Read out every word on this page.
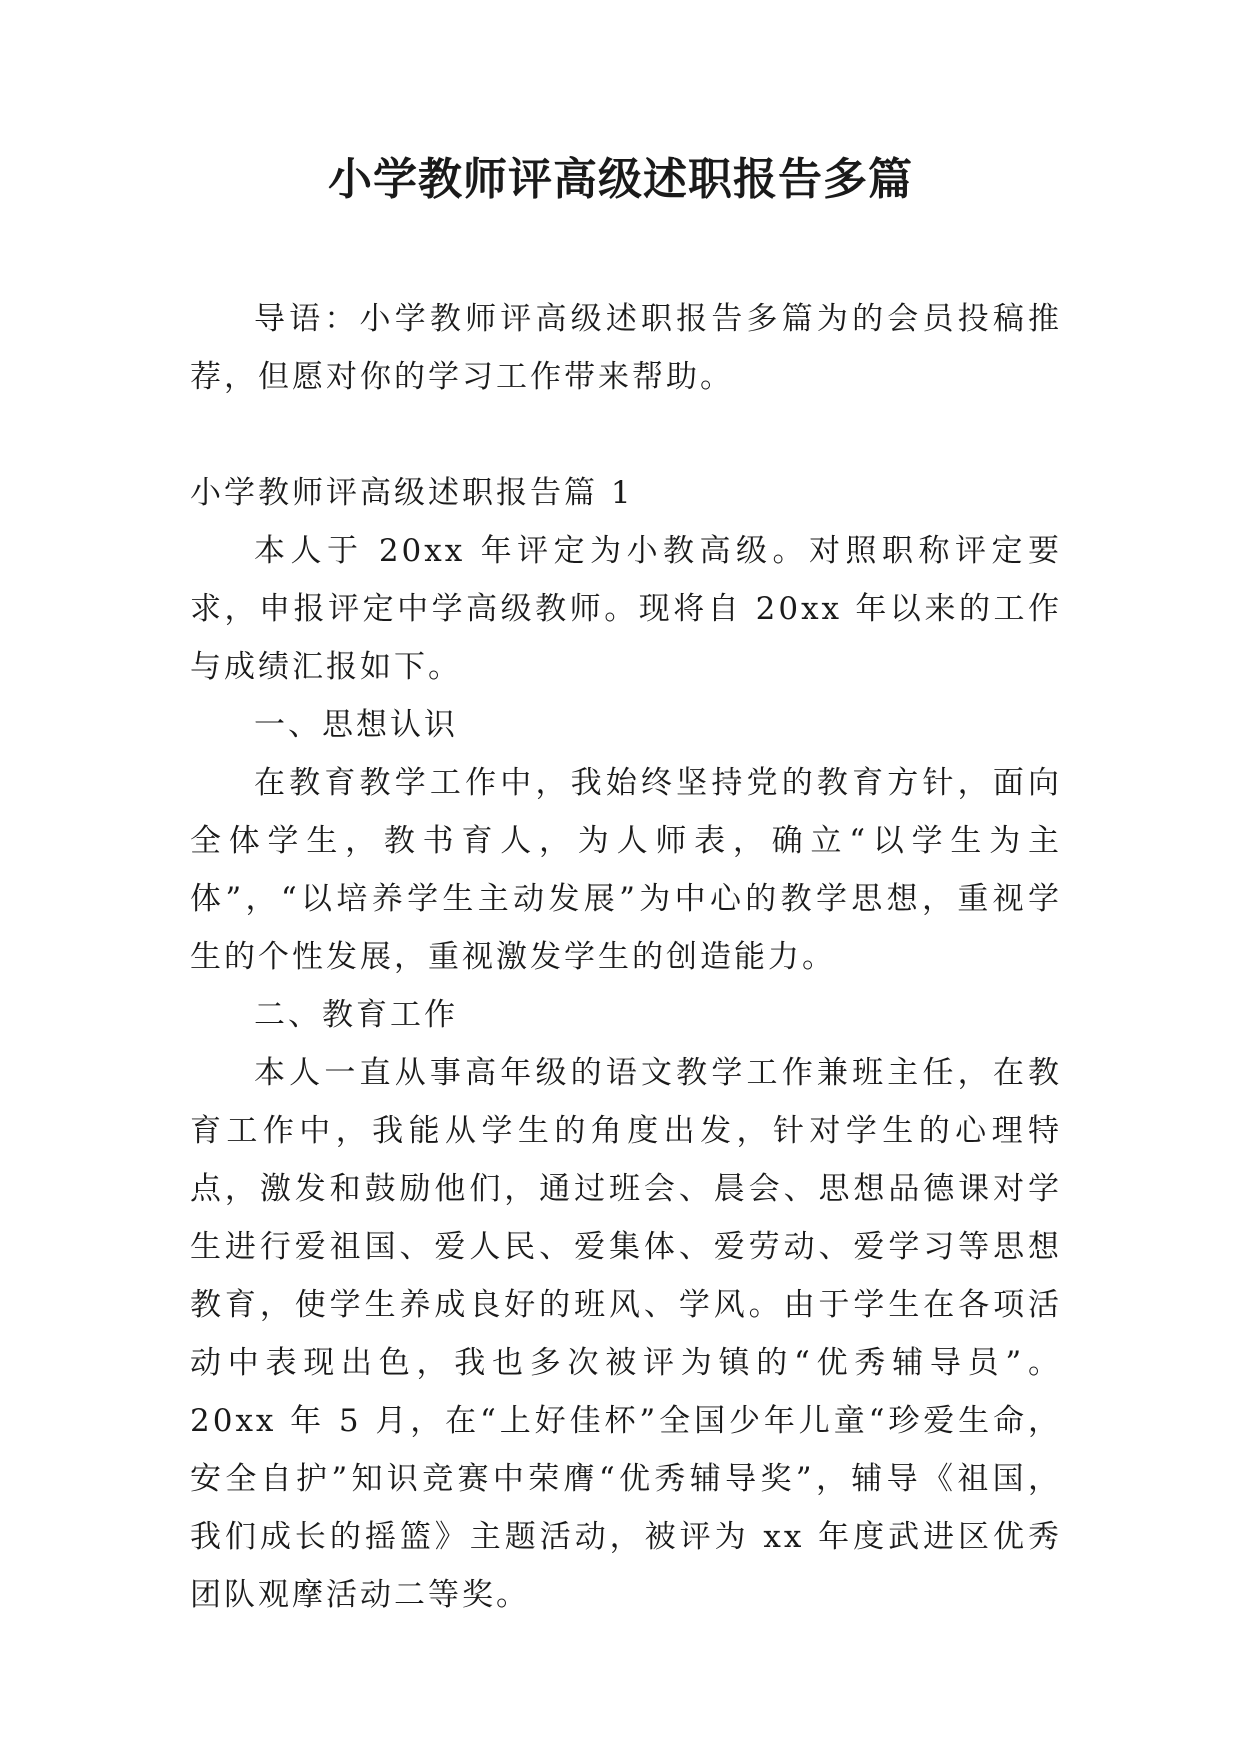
小学教师评高级述职报告多篇

导语：小学教师评高级述职报告多篇为的会员投稿推荐，但愿对你的学习工作带来帮助。

小学教师评高级述职报告篇 1

本人于 20xx 年评定为小教高级。对照职称评定要求，申报评定中学高级教师。现将自 20xx 年以来的工作与成绩汇报如下。

一、思想认识

在教育教学工作中，我始终坚持党的教育方针，面向全体学生，教书育人，为人师表，确立“以学生为主体”，“以培养学生主动发展”为中心的教学思想，重视学生的个性发展，重视激发学生的创造能力。

二、教育工作

本人一直从事高年级的语文教学工作兼班主任，在教育工作中，我能从学生的角度出发，针对学生的心理特点，激发和鼓励他们，通过班会、晨会、思想品德课对学生进行爱祖国、爱人民、爱集体、爱劳动、爱学习等思想教育，使学生养成良好的班风、学风。由于学生在各项活动中表现出色，我也多次被评为镇的“优秀辅导员”。20xx 年 5 月，在“上好佳杯”全国少年儿童“珍爱生命，安全自护”知识竞赛中荣膺“优秀辅导奖”，辅导《祖国，我们成长的摇篮》主题活动，被评为 xx 年度武进区优秀团队观摩活动二等奖。
